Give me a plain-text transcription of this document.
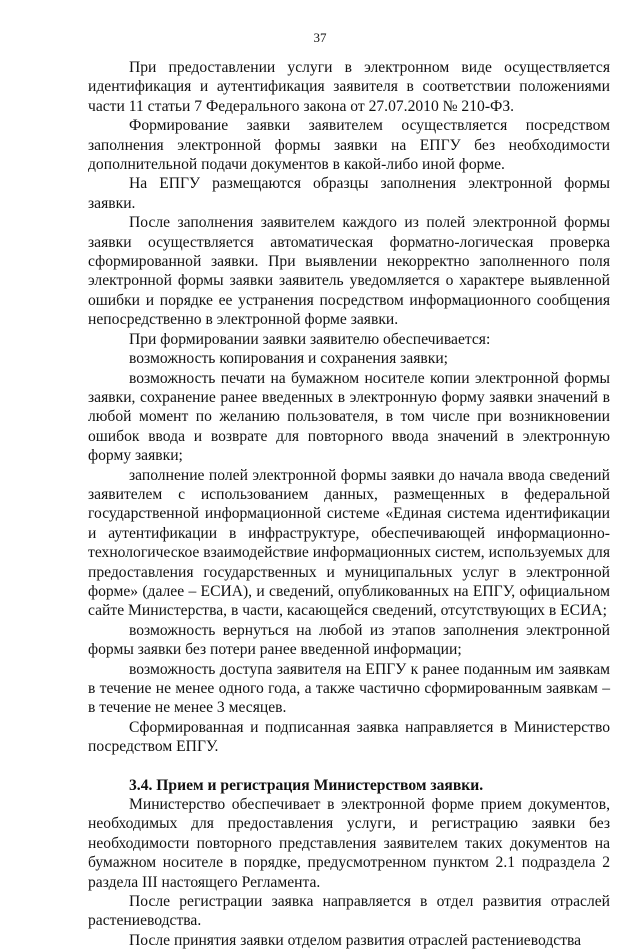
37

При предоставлении услуги в электронном виде осуществляется идентификация и аутентификация заявителя в соответствии положениями части 11 статьи 7 Федерального закона от 27.07.2010 № 210-ФЗ.

Формирование заявки заявителем осуществляется посредством заполнения электронной формы заявки на ЕПГУ без необходимости дополнительной подачи документов в какой-либо иной форме.

На ЕПГУ размещаются образцы заполнения электронной формы заявки.

После заполнения заявителем каждого из полей электронной формы заявки осуществляется автоматическая форматно-логическая проверка сформированной заявки. При выявлении некорректно заполненного поля электронной формы заявки заявитель уведомляется о характере выявленной ошибки и порядке ее устранения посредством информационного сообщения непосредственно в электронной форме заявки.

При формировании заявки заявителю обеспечивается:

возможность копирования и сохранения заявки;

возможность печати на бумажном носителе копии электронной формы заявки, сохранение ранее введенных в электронную форму заявки значений в любой момент по желанию пользователя, в том числе при возникновении ошибок ввода и возврате для повторного ввода значений в электронную форму заявки;

заполнение полей электронной формы заявки до начала ввода сведений заявителем с использованием данных, размещенных в федеральной государственной информационной системе «Единая система идентификации и аутентификации в инфраструктуре, обеспечивающей информационно-технологическое взаимодействие информационных систем, используемых для предоставления государственных и муниципальных услуг в электронной форме» (далее – ЕСИА), и сведений, опубликованных на ЕПГУ, официальном сайте Министерства, в части, касающейся сведений, отсутствующих в ЕСИА;

возможность вернуться на любой из этапов заполнения электронной формы заявки без потери ранее введенной информации;

возможность доступа заявителя на ЕПГУ к ранее поданным им заявкам в течение не менее одного года, а также частично сформированным заявкам – в течение не менее 3 месяцев.

Сформированная и подписанная заявка направляется в Министерство посредством ЕПГУ.

3.4. Прием и регистрация Министерством заявки.

Министерство обеспечивает в электронной форме прием документов, необходимых для предоставления услуги, и регистрацию заявки без необходимости повторного представления заявителем таких документов на бумажном носителе в порядке, предусмотренном пунктом 2.1 подраздела 2 раздела III настоящего Регламента.

После регистрации заявка направляется в отдел развития отраслей растениеводства.

После принятия заявки отделом развития отраслей растениеводства
